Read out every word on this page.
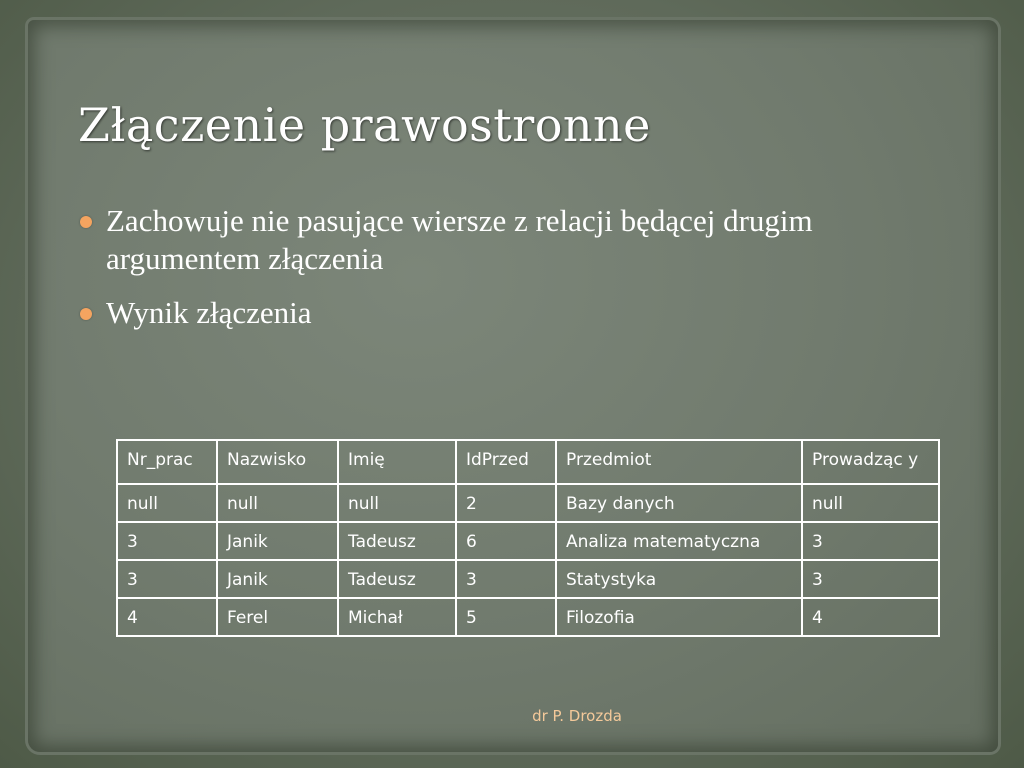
Złączenie prawostronne
Zachowuje nie pasujące wiersze z relacji będącej drugim argumentem złączenia
Wynik złączenia
Nr_prac	Nazwisko	Imię	IdPrzed	Przedmiot	Prowadząc y
null	null	null	2	Bazy danych	null
3	Janik	Tadeusz	6	Analiza matematyczna	3
3	Janik	Tadeusz	3	Statystyka	3
4	Ferel	Michał	5	Filozofia	4
dr P. Drozda
